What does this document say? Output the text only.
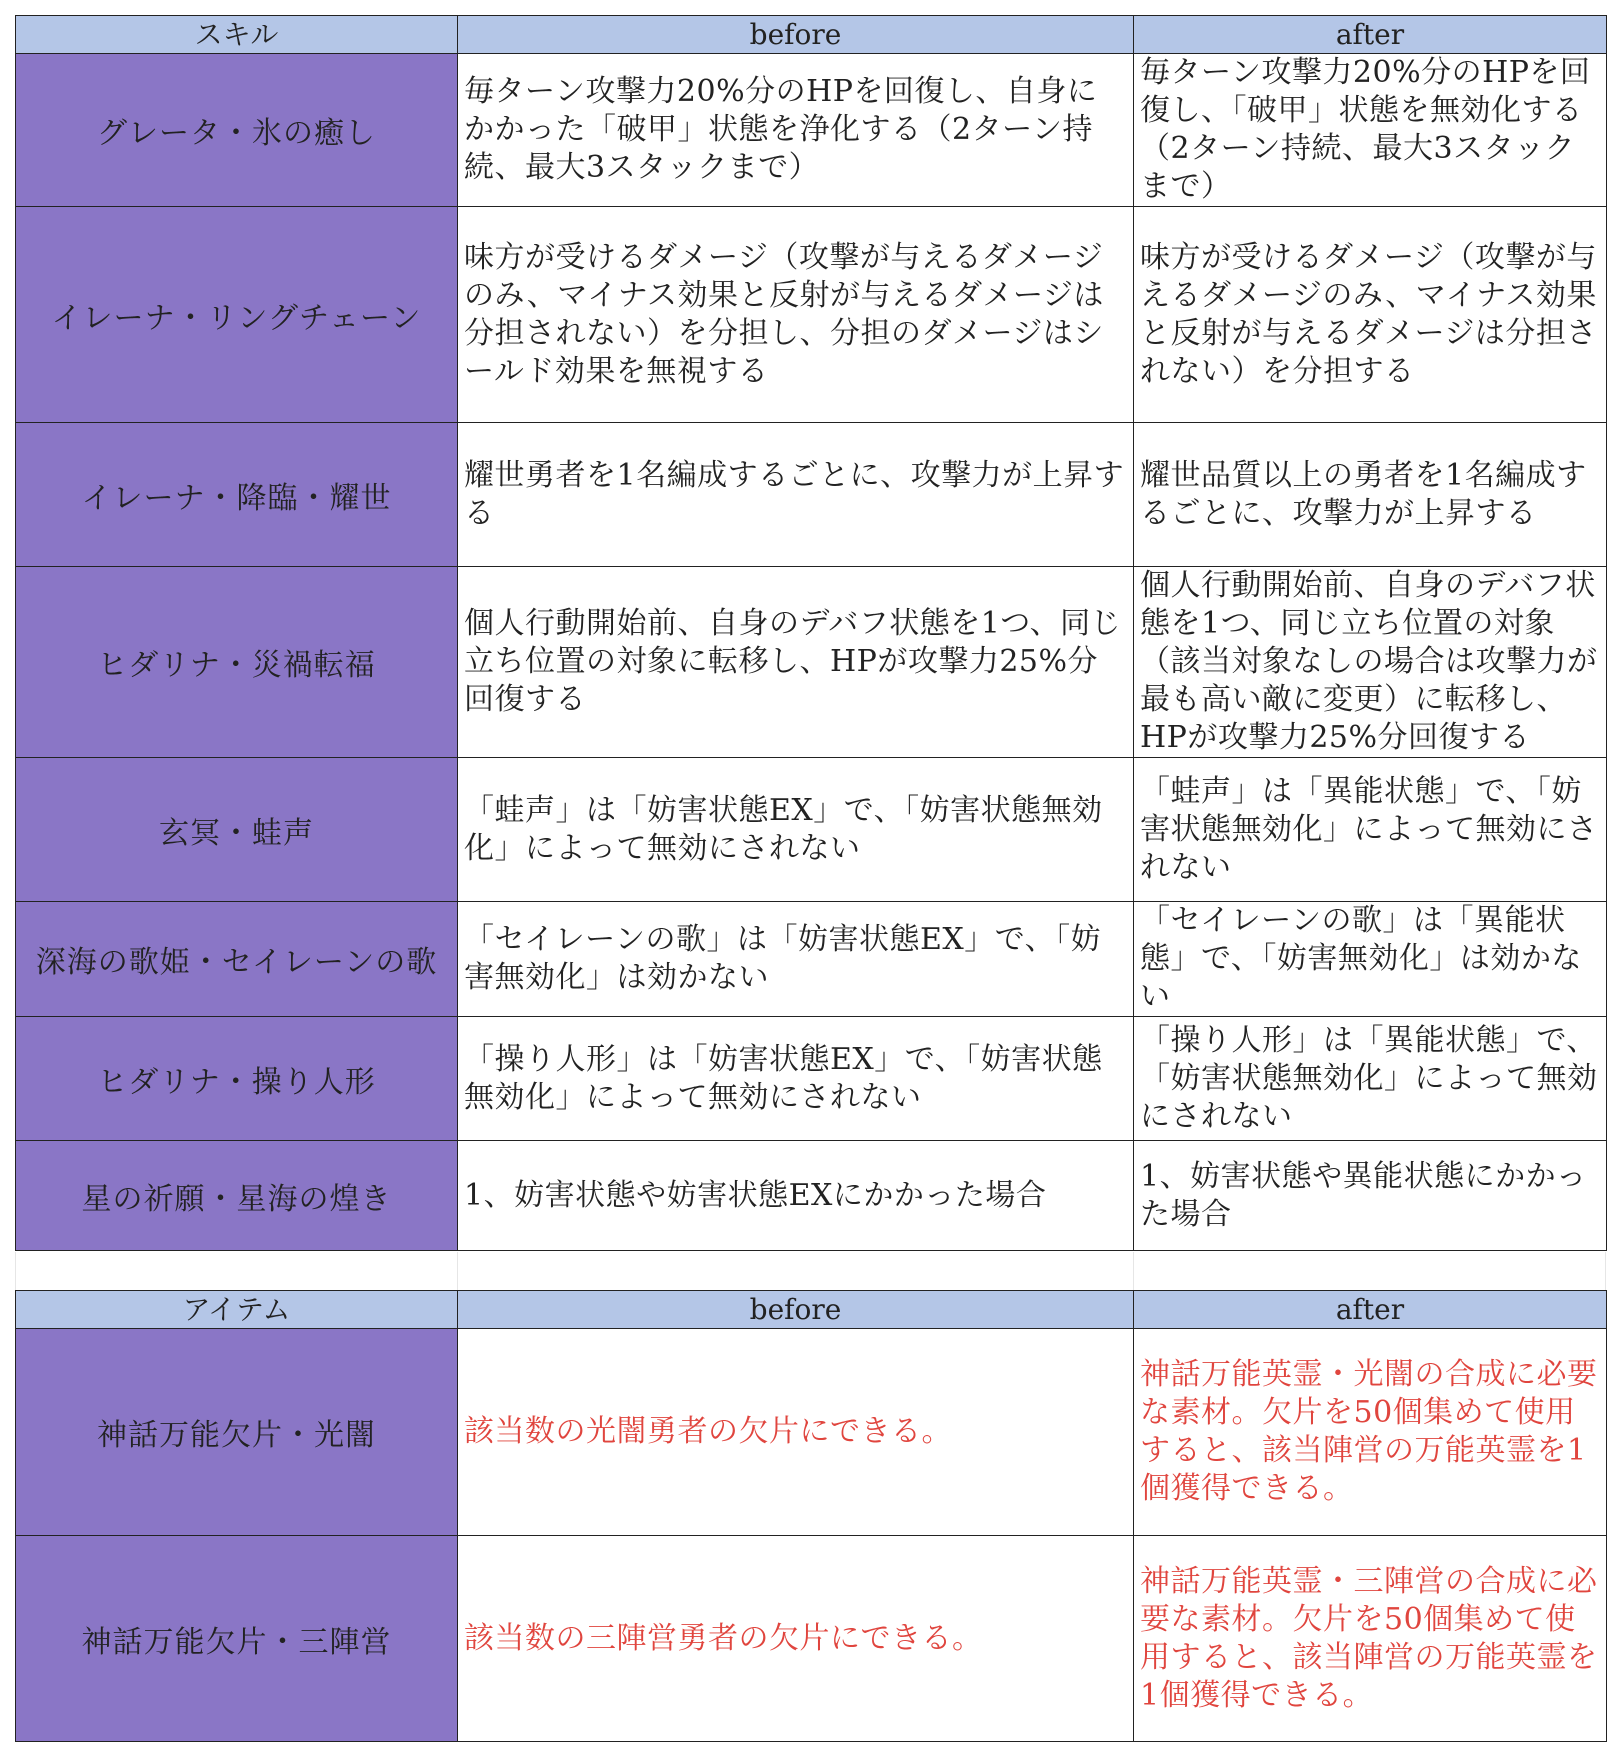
スキル	before	after
グレータ・氷の癒し	毎ターン攻撃力20%分のHPを回復し、自身にかかった「破甲」状態を浄化する（2ターン持続、最大3スタックまで）	毎ターン攻撃力20%分のHPを回復し、「破甲」状態を無効化する（2ターン持続、最大3スタックまで）
イレーナ・リングチェーン	味方が受けるダメージ（攻撃が与えるダメージのみ、マイナス効果と反射が与えるダメージは分担されない）を分担し、分担のダメージはシールド効果を無視する	味方が受けるダメージ（攻撃が与えるダメージのみ、マイナス効果と反射が与えるダメージは分担されない）を分担する
イレーナ・降臨・耀世	耀世勇者を1名編成するごとに、攻撃力が上昇する	耀世品質以上の勇者を1名編成するごとに、攻撃力が上昇する
ヒダリナ・災禍転福	個人行動開始前、自身のデバフ状態を1つ、同じ立ち位置の対象に転移し、HPが攻撃力25%分回復する	個人行動開始前、自身のデバフ状態を1つ、同じ立ち位置の対象（該当対象なしの場合は攻撃力が最も高い敵に変更）に転移し、HPが攻撃力25%分回復する
玄冥・蛙声	「蛙声」は「妨害状態EX」で、「妨害状態無効化」によって無効にされない	「蛙声」は「異能状態」で、「妨害状態無効化」によって無効にされない
深海の歌姫・セイレーンの歌	「セイレーンの歌」は「妨害状態EX」で、「妨害無効化」は効かない	「セイレーンの歌」は「異能状態」で、「妨害無効化」は効かない
ヒダリナ・操り人形	「操り人形」は「妨害状態EX」で、「妨害状態無効化」によって無効にされない	「操り人形」は「異能状態」で、「妨害状態無効化」によって無効にされない
星の祈願・星海の煌き	1、妨害状態や妨害状態EXにかかった場合	1、妨害状態や異能状態にかかった場合
アイテム	before	after
神話万能欠片・光闇	該当数の光闇勇者の欠片にできる。	神話万能英霊・光闇の合成に必要な素材。欠片を50個集めて使用すると、該当陣営の万能英霊を1個獲得できる。
神話万能欠片・三陣営	該当数の三陣営勇者の欠片にできる。	神話万能英霊・三陣営の合成に必要な素材。欠片を50個集めて使用すると、該当陣営の万能英霊を1個獲得できる。
